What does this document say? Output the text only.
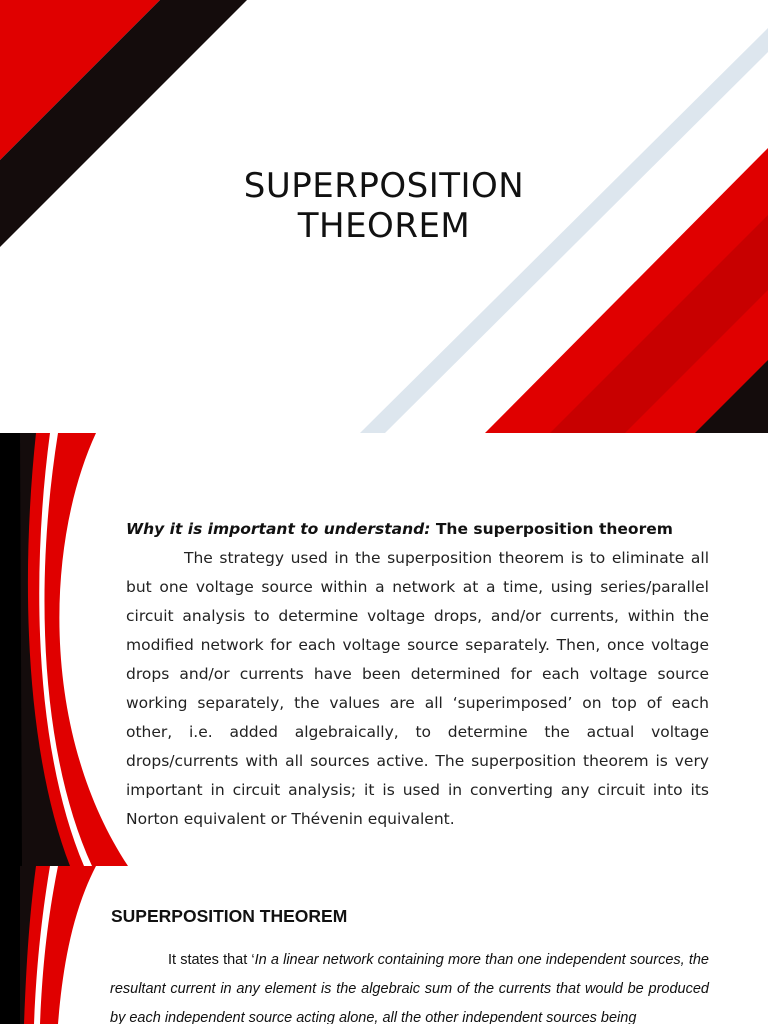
SUPERPOSITION
THEOREM
Why it is important to understand: The superposition theorem
The strategy used in the superposition theorem is to eliminate all but one voltage source within a network at a time, using series/parallel circuit analysis to determine voltage drops, and/or currents, within the modified network for each voltage source separately. Then, once voltage drops and/or currents have been determined for each voltage source working separately, the values are all ‘superimposed’ on top of each other, i.e. added algebraically, to determine the actual voltage drops/currents with all sources active. The superposition theorem is very important in circuit analysis; it is used in converting any circuit into its Norton equivalent or Thévenin equivalent.
SUPERPOSITION THEOREM
It states that ‘In a linear network containing more than one independent sources, the resultant current in any element is the algebraic sum of the currents that would be produced by each independent source acting alone, all the other independent sources being
